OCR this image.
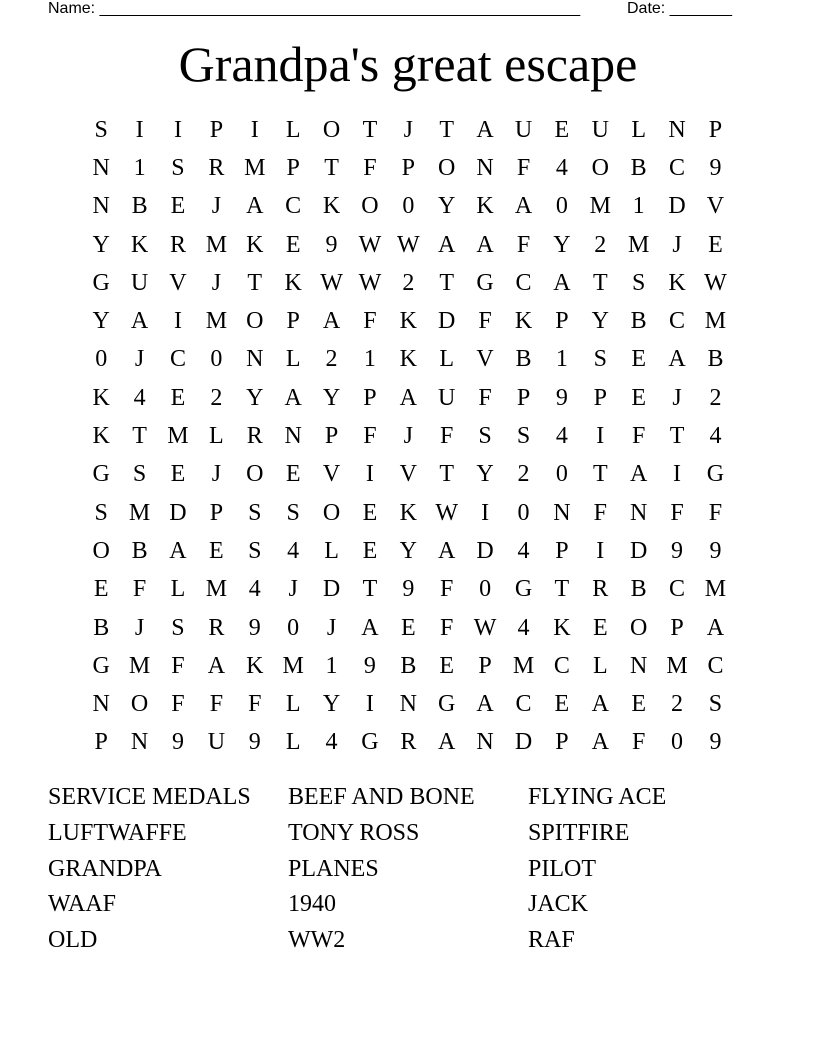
Name: ______________________________________________________

	Date: _______

Grandpa's great escape
S	I	I	P	I	L O T	J	T A U E U L N P
N 1	S R M P	T	F	P O N F	4 O B C	9
N B E	J	A C K O 0 Y K A 0 M 1 D V
Y K R M K E	9 W W A A F Y 2 M J	E
G U V	J	T K W W 2	T G C A T	S K W
Y A	I M O P A F K D F K P Y B C M
0	J	C	0 N L	2	1 K L V B	1	S	E A B
K 4	E	2 Y A Y P A U F	P	9	P	E	J	2
K T M L R N P	F	J	F	S	S	4	I	F	T	4
G S	E	J	O E V	I	V T Y 2	0	T A	I	G
S M D P	S	S O E K W I	0 N F N F	F
O B A E	S	4	L E Y A D 4	P	I	D 9	9
E	F	L M 4	J	D T	9	F	0 G T R B C M
B	J	S R	9	0	J	A E	F W 4 K E O P A
G M F A K M 1	9	B E	P M C L N M C
N O F	F	F	L Y	I	N G A C E A E	2	S
P N 9 U 9	L	4 G R A N D P A F	0	9
SERVICE MEDALS	BEEF AND BONE	FLYING ACE
LUFTWAFFE	TONY ROSS	SPITFIRE
GRANDPA	PLANES	PILOT
WAAF	1940	JACK
OLD	WW2	RAF
